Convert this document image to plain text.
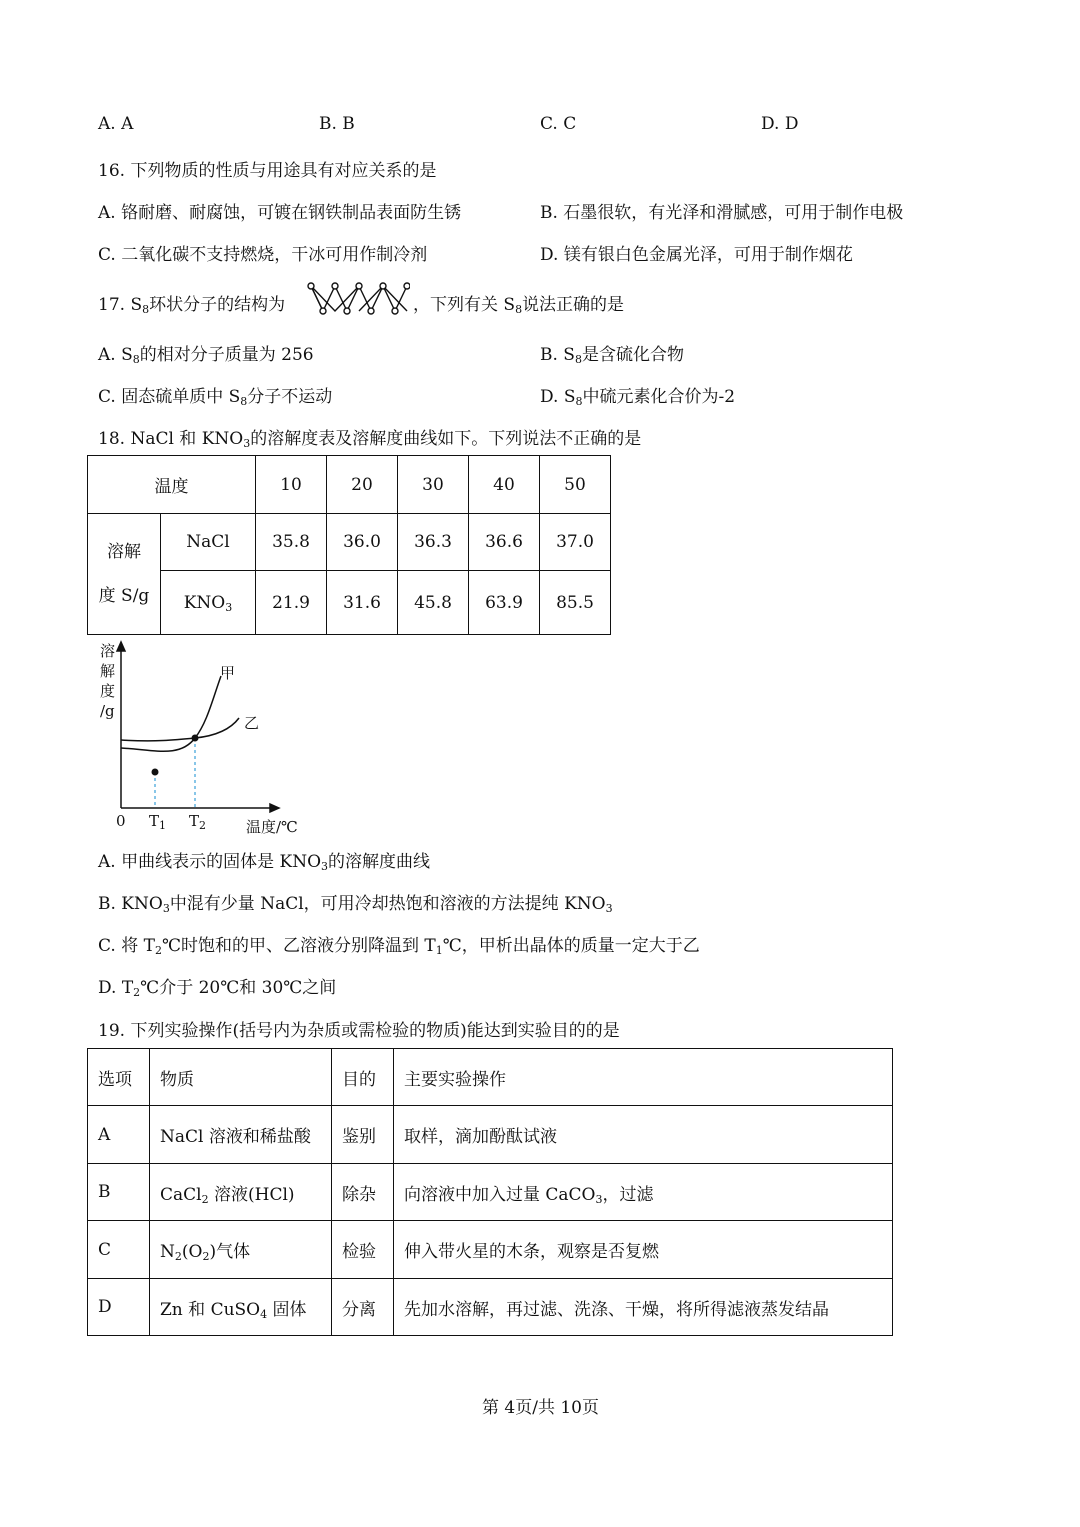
A. A	B. B	C. C	D. D
16. 下列物质的性质与用途具有对应关系的是
A. 铬耐磨、耐腐蚀，可镀在钢铁制品表面防生锈	B. 石墨很软，有光泽和滑腻感，可用于制作电极
C. 二氧化碳不支持燃烧，干冰可用作制冷剂	D. 镁有银白色金属光泽，可用于制作烟花
17. $S_8$环状分子的结构为	，下列有关 $S_8$说法正确的是
A. $S_8$的相对分子质量为 256	B. $S_8$是含硫化合物
C. 固态硫单质中 $S_8$分子不运动	D. $S_8$中硫元素化合价为-2
18. NaCl 和 $KNO_3$的溶解度表及溶解度曲线如下。下列说法不正确的是
温度		10	20	30	40	50
溶解
度 S/g	NaCl	35.8	36.0	36.3	36.6	37.0
	$KNO_3$	21.9	31.6	45.8	63.9	85.5
溶
解
度
/g
甲
乙
0 $T_1$ $T_2$	温度/℃
A. 甲曲线表示的固体是 $KNO_3$的溶解度曲线
B. $KNO_3$中混有少量 NaCl，可用冷却热饱和溶液的方法提纯 $KNO_3$
C. 将 $T_2℃$时饱和的甲、乙溶液分别降温到 $T_1℃$，甲析出晶体的质量一定大于乙
D. $T_2℃$介于 20℃和 30℃之间
19. 下列实验操作(括号内为杂质或需检验的物质)能达到实验目的的是
选项	物质	目的	主要实验操作
A	NaCl 溶液和稀盐酸	鉴别	取样，滴加酚酞试液
B	CaCl$_2$ 溶液(HCl)	除杂	向溶液中加入过量 CaCO$_3$，过滤
C	$N_2(O_2)$气体	检验	伸入带火星的木条，观察是否复燃
D	Zn 和 CuSO$_4$ 固体	分离	先加水溶解，再过滤、洗涤、干燥，将所得滤液蒸发结晶
第 4页/共 10页
